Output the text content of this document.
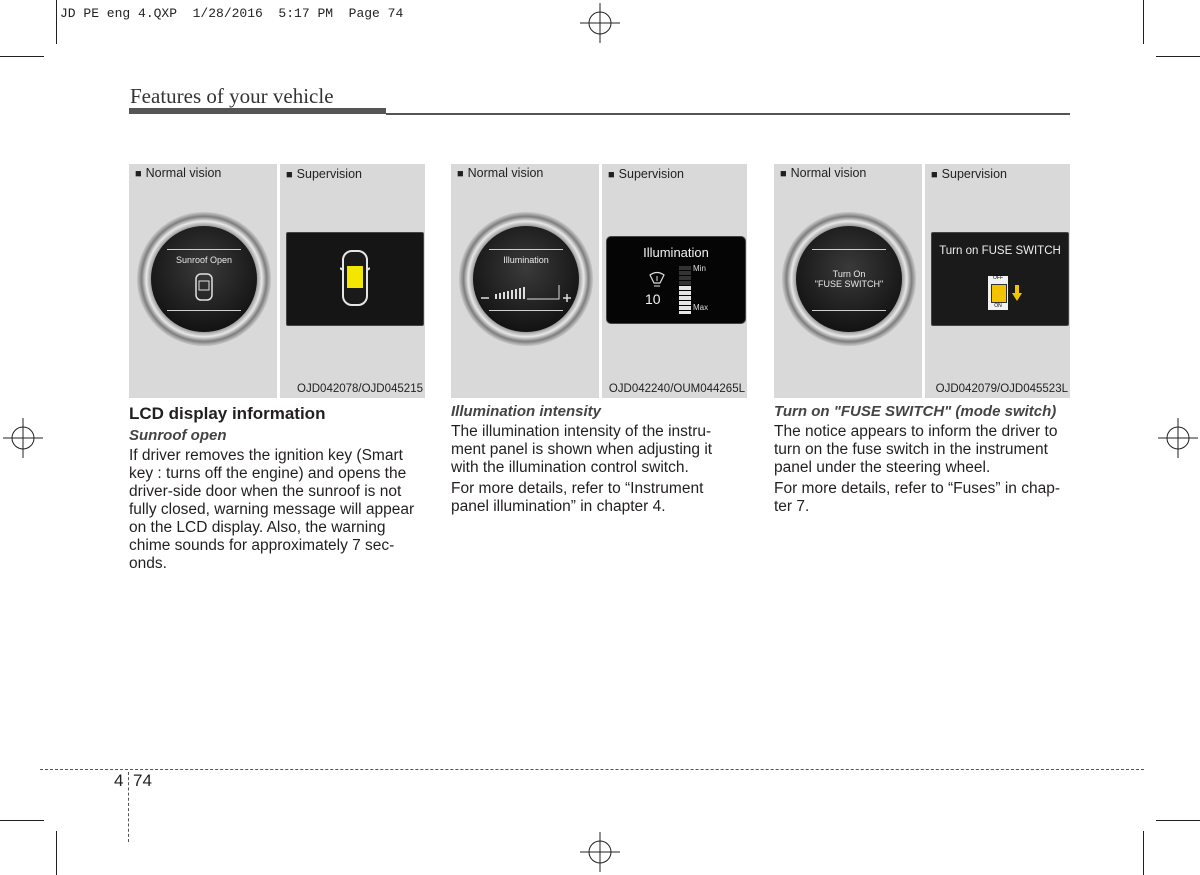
JD PE eng 4.QXP  1/28/2016  5:17 PM  Page 74
Features of your vehicle
■ Normal vision
Sunroof Open
■ Supervision
OJD042078/OJD045215
■ Normal vision
Illumination
■ Supervision
Illumination
10
Min
Max
OJD042240/OUM044265L
■ Normal vision
Turn On
"FUSE SWITCH"
■ Supervision
Turn on FUSE SWITCH
OFF
ON
OJD042079/OJD045523L
LCD display information
Sunroof open
If driver removes the ignition key (Smart
key : turns off the engine) and opens the
driver-side door when the sunroof is not
fully closed, warning message will appear
on the LCD display. Also, the warning
chime sounds for approximately 7 sec-
onds.
Illumination intensity
The illumination intensity of the instru-
ment panel is shown when adjusting it
with the illumination control switch.
For more details, refer to “Instrument
panel illumination” in chapter 4.
Turn on "FUSE SWITCH" (mode switch)
The notice appears to inform the driver to
turn on the fuse switch in the instrument
panel under the steering wheel.
For more details, refer to “Fuses” in chap-
ter 7.
4 74
